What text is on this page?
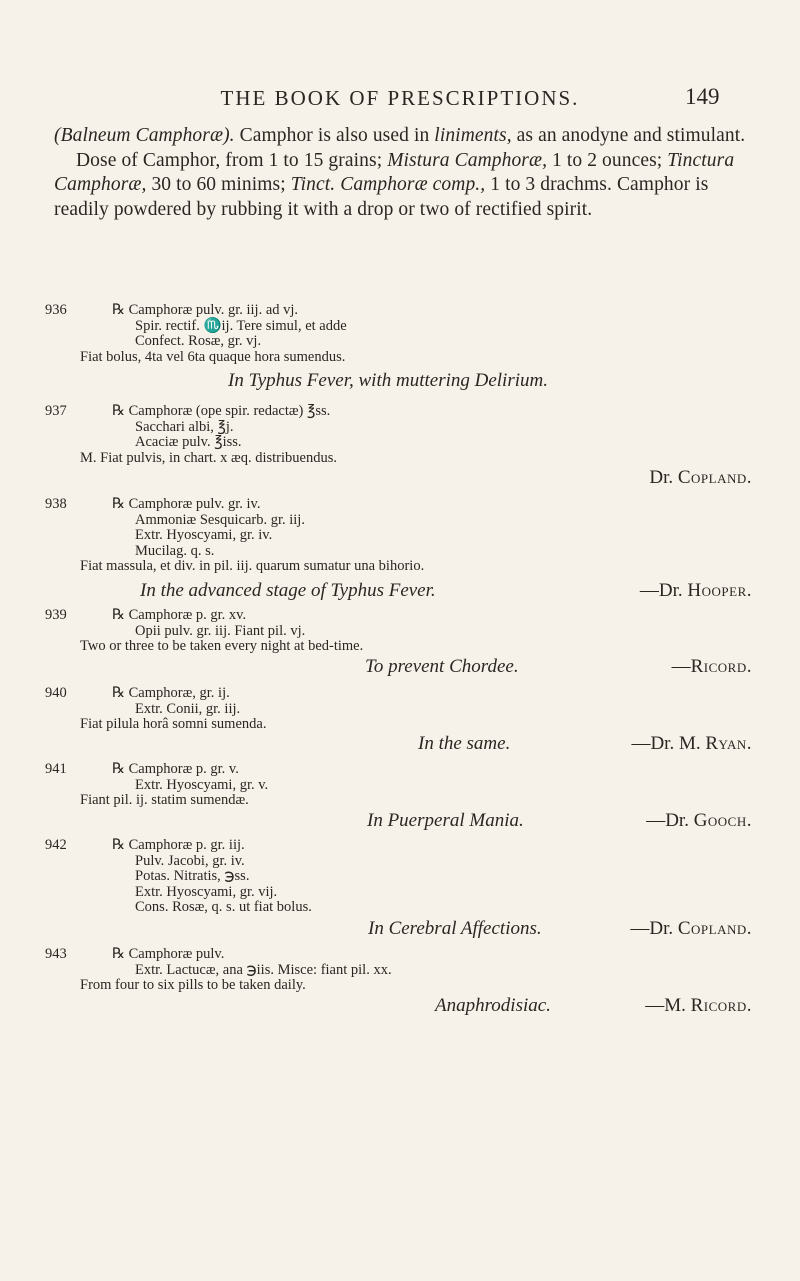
THE BOOK OF PRESCRIPTIONS.	149

(Balneum Camphoræ). Camphor is also used in liniments, as an anodyne and stimulant.

Dose of Camphor, from 1 to 15 grains; Mistura Camphoræ, 1 to 2 ounces; Tinctura Camphoræ, 30 to 60 minims; Tinct. Camphoræ comp., 1 to 3 drachms. Camphor is readily powdered by rubbing it with a drop or two of rectified spirit.

936	℞ Camphoræ pulv. gr. iij. ad vj.
Spir. rectif. ♏ij. Tere simul, et adde
Confect. Rosæ, gr. vj.
Fiat bolus, 4ta vel 6ta quaque hora sumendus.
In Typhus Fever, with muttering Delirium.
937	℞ Camphoræ (ope spir. redactæ) ℥ss.
Sacchari albi, ℥j.
Acaciæ pulv. ℥iss.
M. Fiat pulvis, in chart. x æq. distribuendus.
Dr. Copland.
938	℞ Camphoræ pulv. gr. iv.
Ammoniæ Sesquicarb. gr. iij.
Extr. Hyoscyami, gr. iv.
Mucilag. q. s.
Fiat massula, et div. in pil. iij. quarum sumatur una bihorio.
In the advanced stage of Typhus Fever.	—Dr. Hooper.
939	℞ Camphoræ p. gr. xv.
Opii pulv. gr. iij. Fiant pil. vj.
Two or three to be taken every night at bed-time.
To prevent Chordee.	—Ricord.
940	℞ Camphoræ, gr. ij.
Extr. Conii, gr. iij.
Fiat pilula horâ somni sumenda.
In the same.	—Dr. M. Ryan.
941	℞ Camphoræ p. gr. v.
Extr. Hyoscyami, gr. v.
Fiant pil. ij. statim sumendæ.
In Puerperal Mania.	—Dr. Gooch.
942	℞ Camphoræ p. gr. iij.
Pulv. Jacobi, gr. iv.
Potas. Nitratis, ℈ss.
Extr. Hyoscyami, gr. vij.
Cons. Rosæ, q. s. ut fiat bolus.
In Cerebral Affections.	—Dr. Copland.
943	℞ Camphoræ pulv.
Extr. Lactucæ, ana ℈iis. Misce: fiant pil. xx.
From four to six pills to be taken daily.
Anaphrodisiac.	—M. Ricord.
